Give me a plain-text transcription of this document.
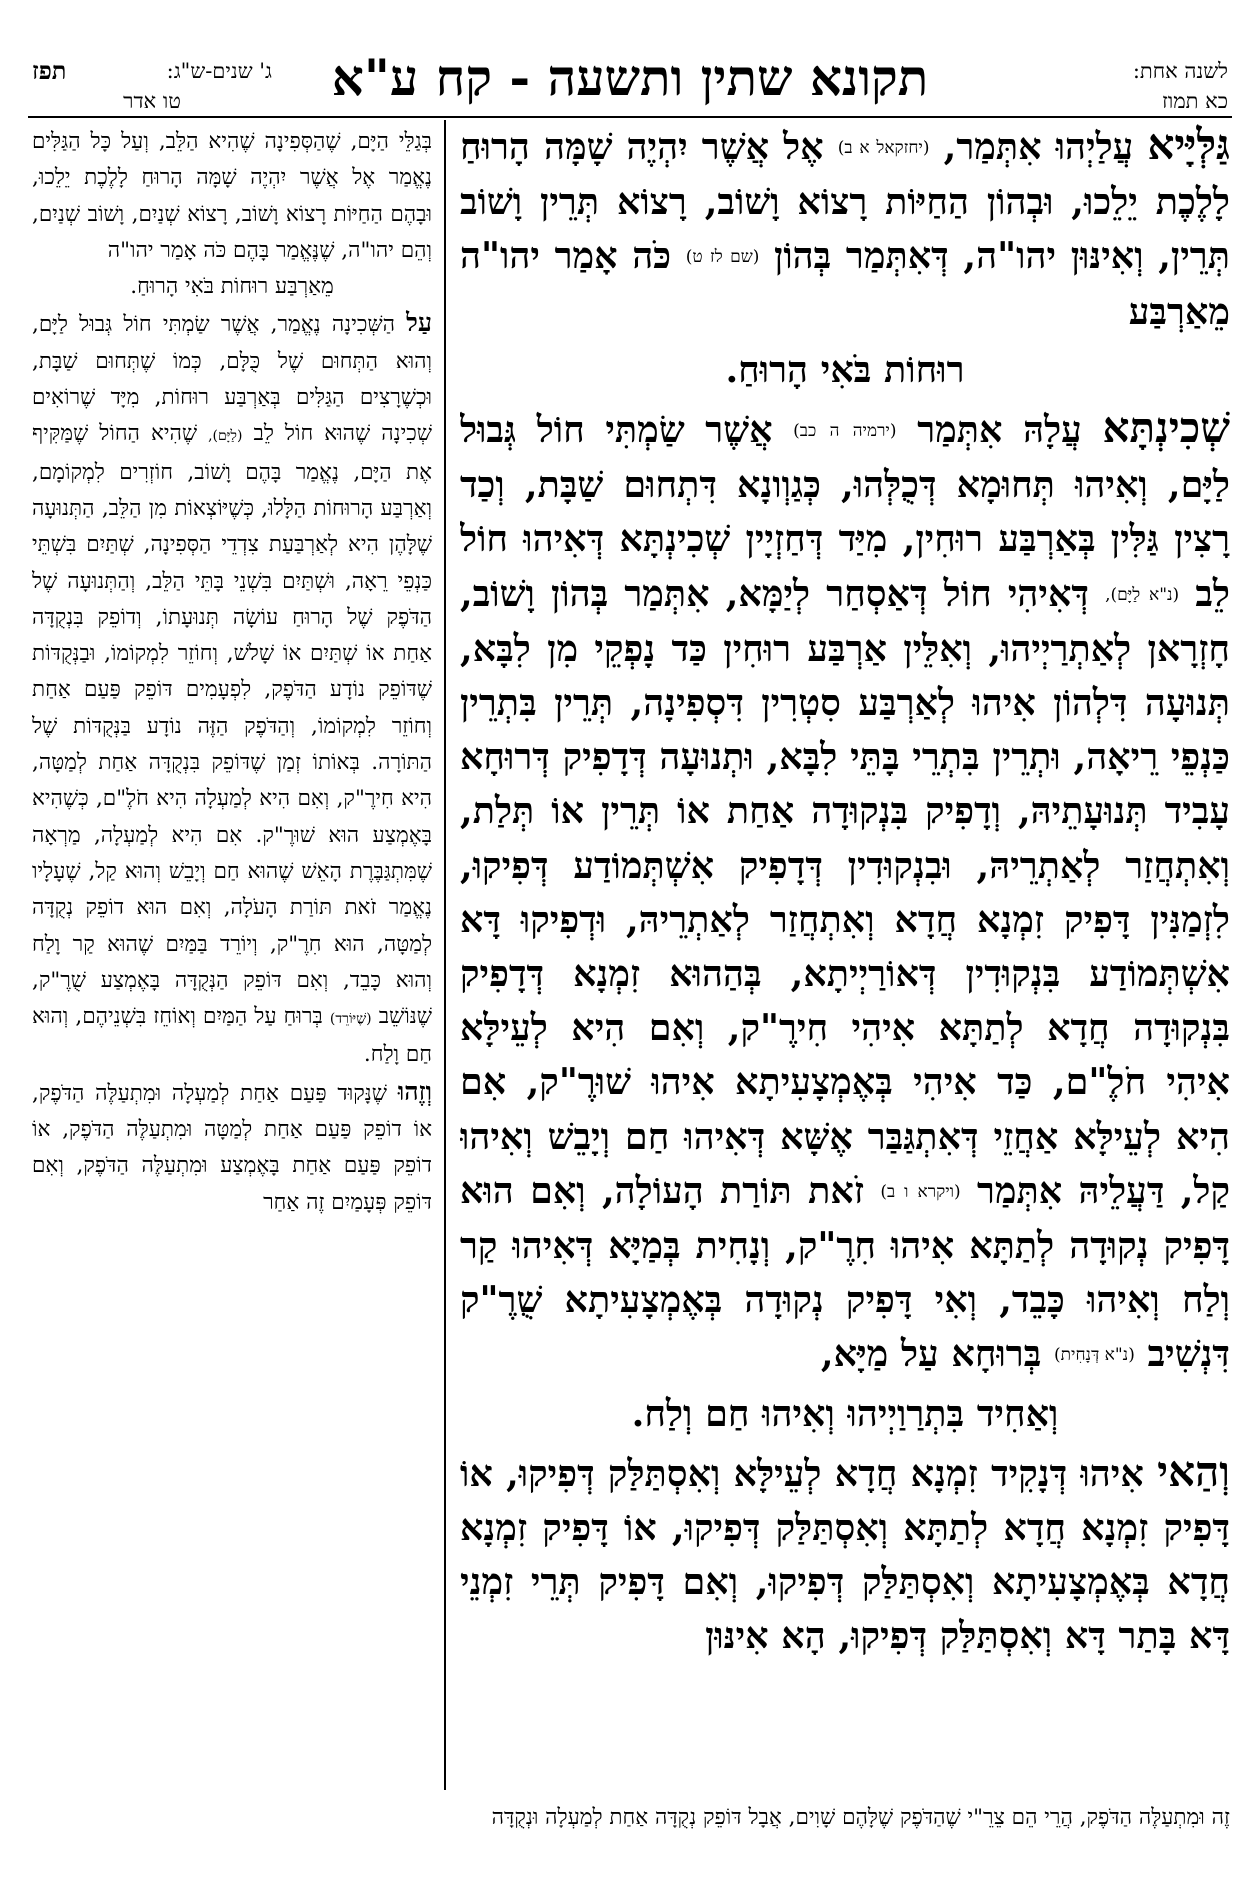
לשנה אחת:
כא תמוז
תקונא שתין ותשעה - קח ע"א
ג' שנים-ש"ג:
תפז
טו אדר

גַּלְּיָּיא עֲלַיְהוּ אִתְּמַר, (יחזקאל א ב) אֶל אֲשֶׁר יִהְיֶה שָׁמָּה הָרוּחַ לָלֶכֶת יֵלֵכוּ, וּבְהוֹן הַחַיּוֹת רָצוֹא וָשׁוֹב, רָצוֹא תְּרֵין וָשׁוֹב תְּרֵין, וְאִינּוּן יהו"ה, דְּאִתְּמַר בְּהוֹן (שם לז ט) כֹּה אָמַר יהו"ה מֵאַרְבַּע

רוּחוֹת בֹּאִי הָרוּחַ.

שְׁכִינְתָּא עֲלָהּ אִתְּמַר (ירמיה ה כב) אֲשֶׁר שַׂמְתִּי חוֹל גְּבוּל לַיָּם, וְאִיהוּ תְּחוּמָא דְּכֻלְּהוּ, כְּגַוְונָא דִּתְחוּם שַׁבָּת, וְכַד רָצִין גַּלִּין בְּאַרְבַּע רוּחִין, מִיַּד דְּחַזְיָין שְׁכִינְתָּא דְּאִיהוּ חוֹל לֵב (נ"א לַיָּם), דְּאִיהִי חוֹל דְּאַסְחַר לְיַמָּא, אִתְּמַר בְּהוֹן וָשׁוֹב, חָזְרָאן לְאַתְרַיְיהוּ, וְאִלֵּין אַרְבַּע רוּחִין כַּד נָפְקֵי מִן לִבָּא, תְּנוּעָה דִּלְהוֹן אִיהוּ לְאַרְבַּע סִטְרִין דִּסְפִינָה, תְּרֵין בִּתְרֵין כַּנְפֵי רֵיאָה, וּתְרֵין בִּתְרֵי בָּתֵּי לִבָּא, וּתְנוּעָה דְּדָפִיק דְּרוּחָא עָבִיד תְּנוּעָתֵיהּ, וְדָפִיק בִּנְקוּדָה אַחַת אוֹ תְּרֵין אוֹ תְּלַת, וְאִתְחֲזַר לְאַתְרֵיהּ, וּבִנְקוּדִין דְּדָפִיק אִשְׁתְּמוֹדַע דְּפִיקוּ, לִזְמַנִּין דָּפִיק זִמְנָא חֲדָא וְאִתְחֲזַר לְאַתְרֵיהּ, וּדְפִיקוּ דָּא אִשְׁתְּמוֹדַע בִּנְקוּדִין דְּאוֹרַיְיתָא, בְּהַהוּא זִמְנָא דְּדָפִיק בִּנְקוּדָה חֲדָא לְתַתָּא אִיהִי חִירֶ"ק, וְאִם הִיא לְעֵילָּא אִיהִי חֹלֶ"ם, כַּד אִיהִי בְּאֶמְצָעִיתָא אִיהוּ שׁוּרֶ"ק, אִם הִיא לְעֵילָּא אַחֲזֵי דְּאִתְגַּבַּר אֶשָּׁא דְּאִיהוּ חַם וְיָבֵשׁ וְאִיהוּ קַל, דַּעֲלֵיהּ אִתְּמַר (ויקרא ו ב) זֹאת תּוֹרַת הָעוֹלָה, וְאִם הוּא דָּפִיק נְקוּדָה לְתַתָּא אִיהוּ חִרֶ"ק, וְנָחִית בְּמַיָּא דְּאִיהוּ קַר וְלַח וְאִיהוּ כָּבֵד, וְאִי דָּפִיק נְקוּדָה בְּאֶמְצָעִיתָא שֻׁרֶ"ק דִּנְשִׁיב (נ"א דְּנָחִית) בְּרוּחָא עַל מַיָּא,

וְאַחִיד בִּתְרַוַיְיהוּ וְאִיהוּ חַם וְלַח.

וְהַאי אִיהוּ דְּנָקִיד זִמְנָא חֲדָא לְעֵילָּא וְאִסְתַּלַּק דְּפִיקוּ, אוֹ דָּפִיק זִמְנָא חֲדָא לְתַתָּא וְאִסְתַּלַּק דְּפִיקוּ, אוֹ דָּפִיק זִמְנָא חֲדָא בְּאֶמְצָעִיתָא וְאִסְתַּלַּק דְּפִיקוּ, וְאִם דָּפִיק תְּרֵי זִמְנֵי דָּא בָּתַר דָּא וְאִסְתַּלַּק דְּפִיקוּ, הָא אִינּוּן

בְּגַלֵּי הַיָּם, שֶׁהַסְּפִינָה שֶׁהִיא הַלֵּב, וְעַל כָּל הַגַּלִּים נֶאֱמַר אֶל אֲשֶׁר יִהְיֶה שָׁמָּה הָרוּחַ לָלֶכֶת יֵלֵכוּ, וּבָהֶם הַחַיּוֹת רָצוֹא וָשׁוֹב, רָצוֹא שְׁנַיִם, וָשׁוֹב שְׁנַיִם, וְהֵם יהו"ה, שֶׁנֶּאֱמַר בָּהֶם כֹּה אָמַר יהו"ה

מֵאַרְבַּע רוּחוֹת בֹּאִי הָרוּחַ.

עַל הַשְּׁכִינָה נֶאֱמַר, אֲשֶׁר שַׂמְתִּי חוֹל גְּבוּל לַיָּם, וְהוּא הַתְּחוּם שֶׁל כֻּלָּם, כְּמוֹ שֶׁתְּחוּם שַׁבָּת, וּכְשֶׁרָצִים הַגַּלִּים בְּאַרְבַּע רוּחוֹת, מִיָּד שֶׁרוֹאִים שְׁכִינָה שֶׁהוּא חוֹל לֵב (לַיָּם), שֶׁהִיא הַחוֹל שֶׁמַּקִּיף אֶת הַיָּם, נֶאֱמַר בָּהֶם וָשׁוֹב, חוֹזְרִים לִמְקוֹמָם, וְאַרְבַּע הָרוּחוֹת הַלָּלוּ, כְּשֶׁיּוֹצְאוֹת מִן הַלֵּב, הַתְּנוּעָה שֶׁלָּהֶן הִיא לְאַרְבַּעַת צִדְדֵי הַסְּפִינָה, שְׁתַּיִם בִּשְׁתֵּי כַּנְפֵי רֵאָה, וּשְׁתַּיִם בִּשְׁנֵי בָּתֵּי הַלֵּב, וְהַתְּנוּעָה שֶׁל הַדֹּפֶק שֶׁל הָרוּחַ עוֹשָׂה תְּנוּעָתוֹ, וְדוֹפֵק בִּנְקֻדָּה אַחַת אוֹ שְׁתַּיִם אוֹ שָׁלֹשׁ, וְחוֹזֵר לִמְקוֹמוֹ, וּבַנְּקֻדּוֹת שֶׁדּוֹפֵק נוֹדָע הַדֹּפֶק, לִפְעָמִים דּוֹפֵק פַּעַם אַחַת וְחוֹזֵר לִמְקוֹמוֹ, וְהַדֹּפֶק הַזֶּה נוֹדָע בַּנְּקֻדּוֹת שֶׁל הַתּוֹרָה. בְּאוֹתוֹ זְמַן שֶׁדּוֹפֵק בִּנְקֻדָּה אַחַת לְמַטָּה, הִיא חִירֶ"ק, וְאִם הִיא לְמַעְלָה הִיא חֹלֶ"ם, כְּשֶׁהִיא בָּאֶמְצַע הוּא שׁוּרֶ"ק. אִם הִיא לְמַעְלָה, מַרְאָה שֶׁמִּתְגַּבֶּרֶת הָאֵשׁ שֶׁהוּא חַם וְיָבֵשׁ וְהוּא קַל, שֶׁעָלָיו נֶאֱמַר זֹאת תּוֹרַת הָעֹלָה, וְאִם הוּא דוֹפֵק נְקֻדָּה לְמַטָּה, הוּא חִרֶ"ק, וְיוֹרֵד בַּמַּיִם שֶׁהוּא קַר וָלַח וְהוּא כָּבֵד, וְאִם דּוֹפֵק הַנְּקֻדָּה בָּאֶמְצַע שֻׁרֶ"ק, שֶׁנּוֹשֵׁב (שֶׁיּוֹרֵד) בְּרוּחַ עַל הַמַּיִם וְאוֹחֵז בִּשְׁנֵיהֶם, וְהוּא חַם וָלַח.

וְזֶהוּ שֶׁנָּקוּד פַּעַם אַחַת לְמַעְלָה וּמִתְעַלֶּה הַדֹּפֶק, אוֹ דוֹפֵק פַּעַם אַחַת לְמַטָּה וּמִתְעַלֶּה הַדֹּפֶק, אוֹ דוֹפֵק פַּעַם אַחַת בָּאֶמְצַע וּמִתְעַלֶּה הַדֹּפֶק, וְאִם דּוֹפֵק פְּעָמַיִם זֶה אַחַר

זֶה וּמִתְעַלֶּה הַדֹּפֶק, הֲרֵי הֵם צֵרֵ"י שֶׁהַדֹּפֶק שֶׁלָּהֶם שָׁוִים, אֲבָל דּוֹפֵק נְקֻדָּה אַחַת לְמַעְלָה וּנְקֻדָּה
